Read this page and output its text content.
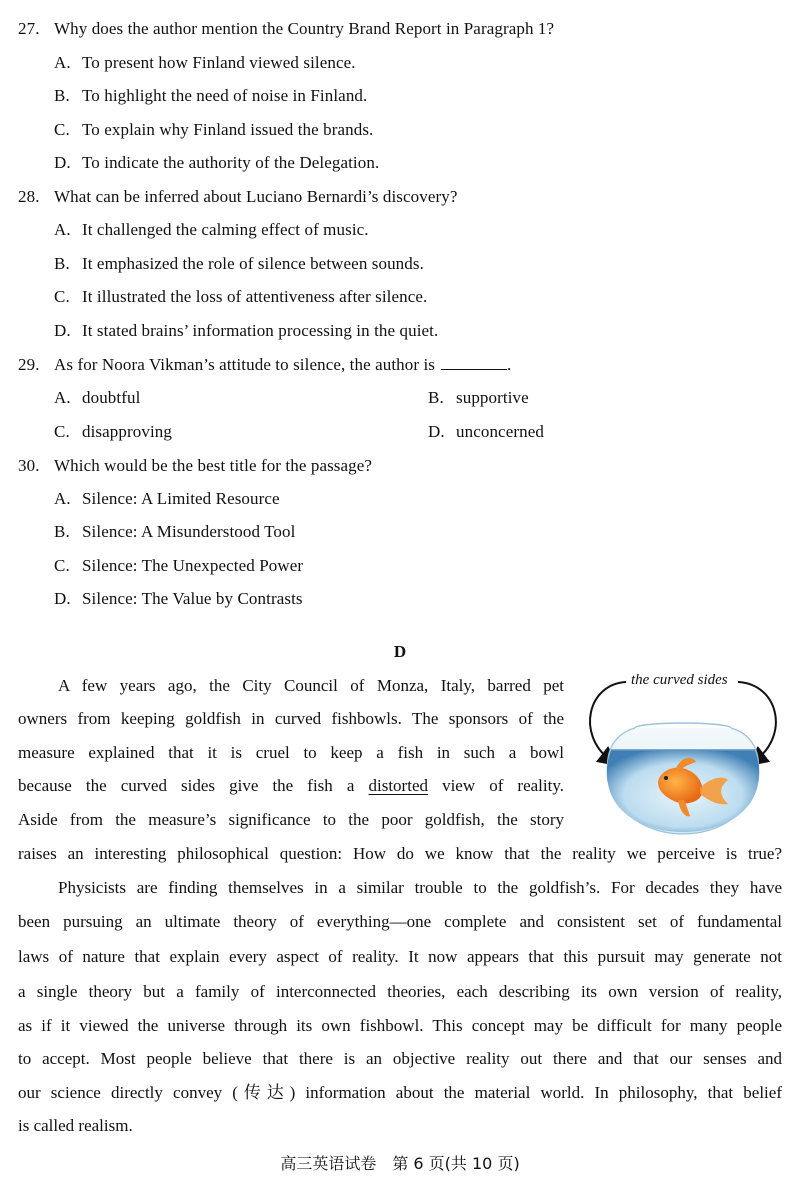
27. Why does the author mention the Country Brand Report in Paragraph 1?
A. To present how Finland viewed silence.
B. To highlight the need of noise in Finland.
C. To explain why Finland issued the brands.
D. To indicate the authority of the Delegation.
28. What can be inferred about Luciano Bernardi’s discovery?
A. It challenged the calming effect of music.
B. It emphasized the role of silence between sounds.
C. It illustrated the loss of attentiveness after silence.
D. It stated brains’ information processing in the quiet.
29. As for Noora Vikman’s attitude to silence, the author is	.
A. doubtful	B. supportive
C. disapproving	D. unconcerned
30. Which would be the best title for the passage?
A. Silence: A Limited Resource
B. Silence: A Misunderstood Tool
C. Silence: The Unexpected Power
D. Silence: The Value by Contrasts
D
the curved sides
A few years ago, the City Council of Monza, Italy, barred pet
owners from keeping goldfish in curved fishbowls. The sponsors of the
measure explained that it is cruel to keep a fish in such a bowl
because the curved sides give the fish a distorted view of reality.
Aside from the measure’s significance to the poor goldfish, the story
raises an interesting philosophical question: How do we know that the reality we perceive is true?
Physicists are finding themselves in a similar trouble to the goldfish’s. For decades they have
been pursuing an ultimate theory of everything—one complete and consistent set of fundamental
laws of nature that explain every aspect of reality. It now appears that this pursuit may generate not
a single theory but a family of interconnected theories, each describing its own version of reality,
as if it viewed the universe through its own fishbowl. This concept may be difficult for many people
to accept. Most people believe that there is an objective reality out there and that our senses and
our science directly convey (传达) information about the material world. In philosophy, that belief
is called realism.
高三英语试卷　第 6 页(共 10 页)
